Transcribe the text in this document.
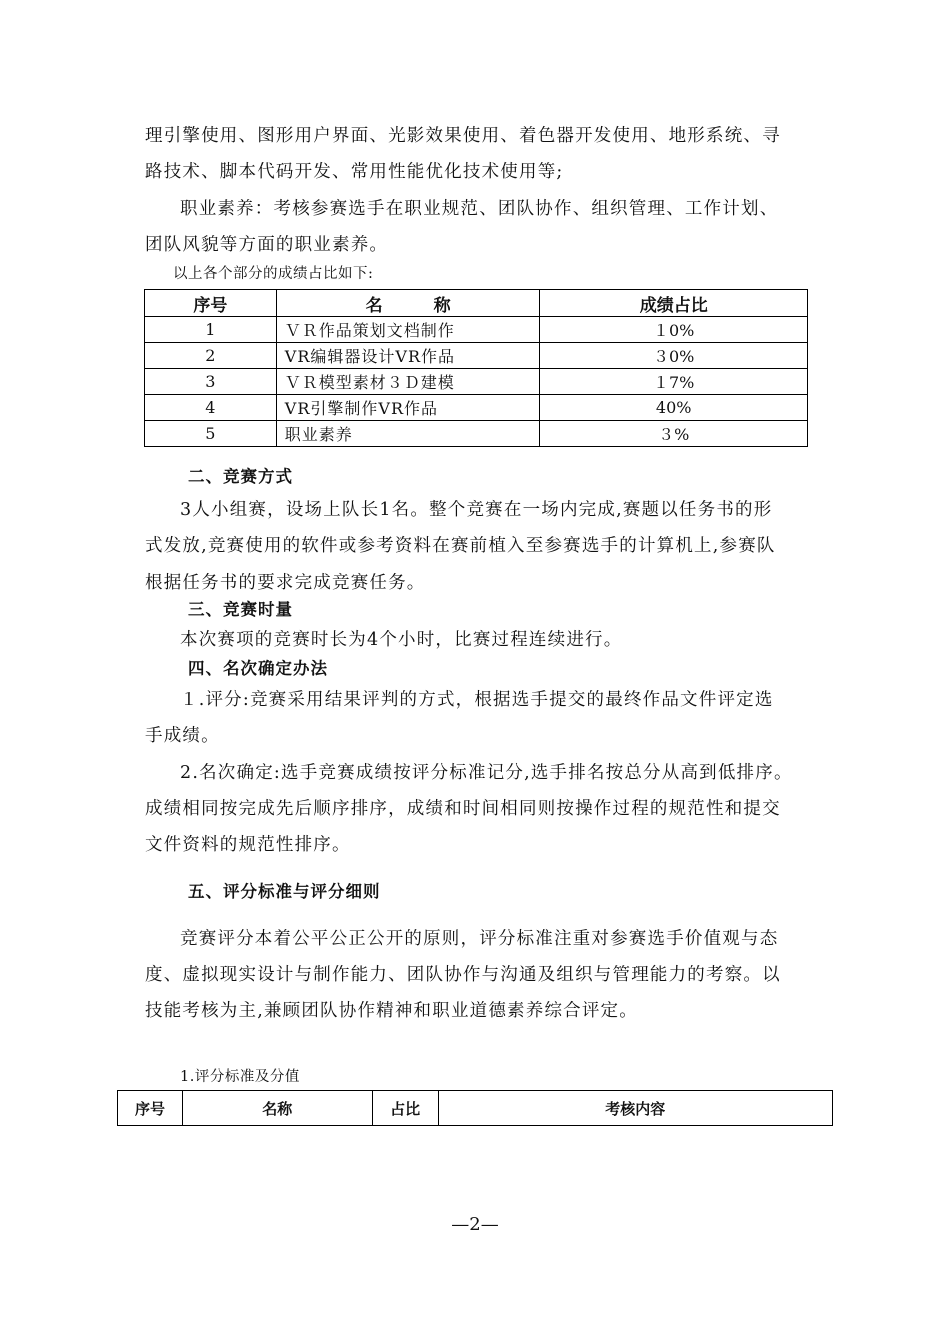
理引擎使用、图形用户界面、光影效果使用、着色器开发使用、地形系统、寻
路技术、脚本代码开发、常用性能优化技术使用等;
职业素养：考核参赛选手在职业规范、团队协作、组织管理、工作计划、
团队风貌等方面的职业素养。
以上各个部分的成绩占比如下:
序号	名　　　称	成绩占比
1	ＶＲ作品策划文档制作	１0%
2	VR编辑器设计VR作品	３0%
3	ＶＲ模型素材３Ｄ建模	１7%
4	VR引擎制作VR作品	40%
5	职业素养	３%
二、竞赛方式
3人小组赛，设场上队长1名。整个竞赛在一场内完成,赛题以任务书的形
式发放,竞赛使用的软件或参考资料在赛前植入至参赛选手的计算机上,参赛队
根据任务书的要求完成竞赛任务。
三、竞赛时量
本次赛项的竞赛时长为4个小时，比赛过程连续进行。
四、名次确定办法
１.评分:竞赛采用结果评判的方式，根据选手提交的最终作品文件评定选
手成绩。
2.名次确定:选手竞赛成绩按评分标准记分,选手排名按总分从高到低排序。
成绩相同按完成先后顺序排序，成绩和时间相同则按操作过程的规范性和提交
文件资料的规范性排序。
五、评分标准与评分细则
竞赛评分本着公平公正公开的原则，评分标准注重对参赛选手价值观与态
度、虚拟现实设计与制作能力、团队协作与沟通及组织与管理能力的考察。以
技能考核为主,兼顾团队协作精神和职业道德素养综合评定。
1.评分标准及分值
序号	名称	占比	考核内容
—2—
